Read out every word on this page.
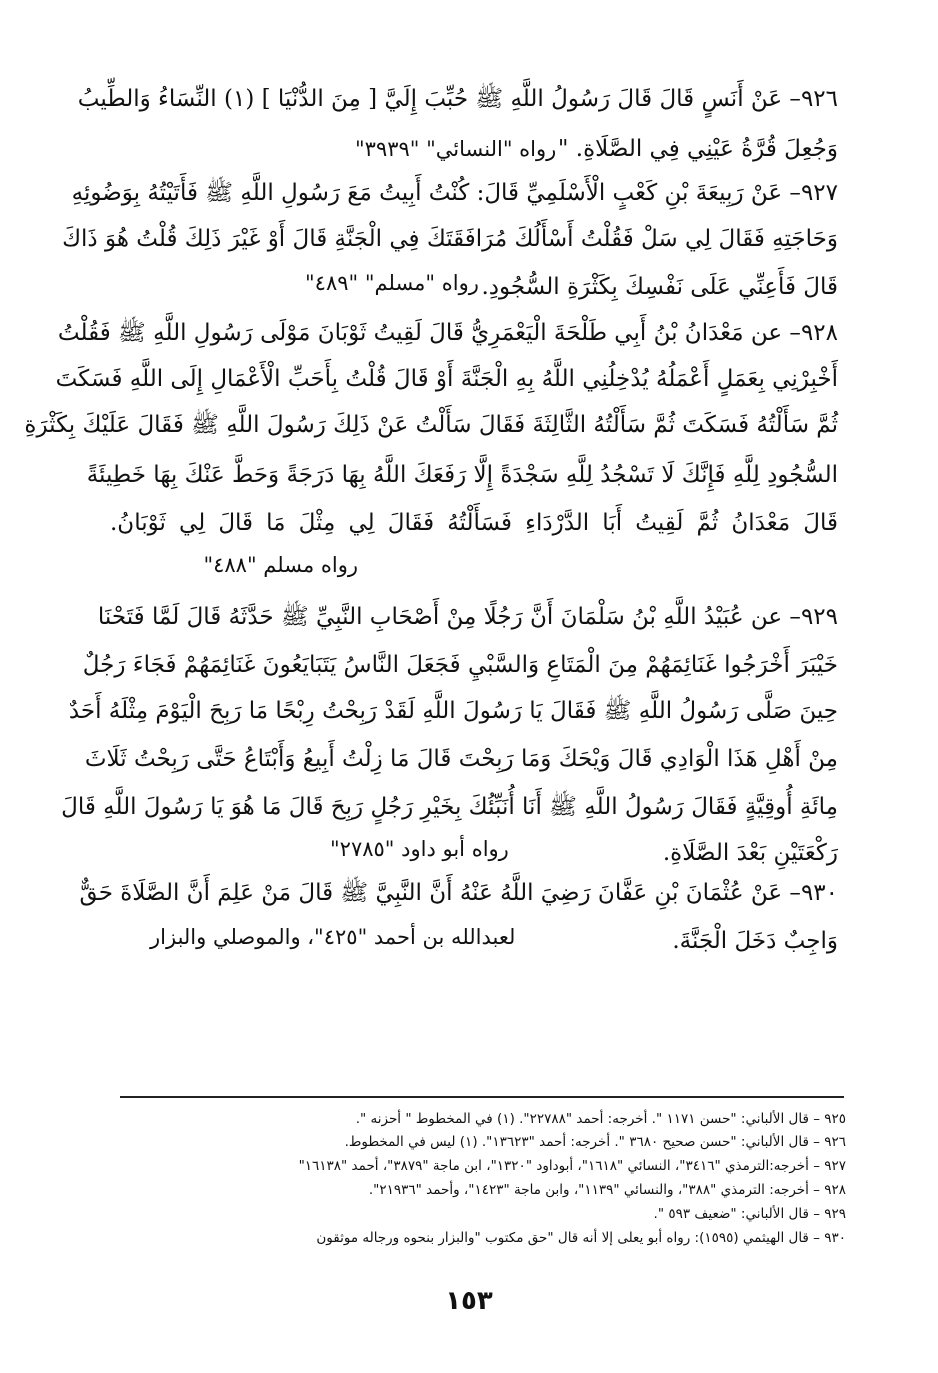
٩٢٦– عَنْ أَنَسٍ قَالَ قَالَ رَسُولُ اللَّهِ ﷺ حُبِّبَ إِلَيَّ [ مِنَ الدُّنْيَا ] (١) النِّسَاءُ وَالطِّيبُ
وَجُعِلَ قُرَّةُ عَيْنِي فِي الصَّلَاةِ. "
رواه "النسائي" "٣٩٣٩"
٩٢٧– عَنْ رَبِيعَةَ بْنِ كَعْبٍ الْأَسْلَمِيِّ قَالَ: كُنْتُ أَبِيتُ مَعَ رَسُولِ اللَّهِ ﷺ فَأَتَيْتُهُ بِوَضُوئِهِ
وَحَاجَتِهِ فَقَالَ لِي سَلْ فَقُلْتُ أَسْأَلُكَ مُرَافَقَتَكَ فِي الْجَنَّةِ قَالَ أَوْ غَيْرَ ذَلِكَ قُلْتُ هُوَ ذَاكَ
قَالَ فَأَعِنِّي عَلَى نَفْسِكَ بِكَثْرَةِ السُّجُودِ.
رواه "مسلم" "٤٨٩"
٩٢٨– عن مَعْدَانُ بْنُ أَبِي طَلْحَةَ الْيَعْمَرِيُّ قَالَ لَقِيتُ ثَوْبَانَ مَوْلَى رَسُولِ اللَّهِ ﷺ فَقُلْتُ
أَخْبِرْنِي بِعَمَلٍ أَعْمَلُهُ يُدْخِلُنِي اللَّهُ بِهِ الْجَنَّةَ أَوْ قَالَ قُلْتُ بِأَحَبِّ الْأَعْمَالِ إِلَى اللَّهِ فَسَكَتَ
ثُمَّ سَأَلْتُهُ فَسَكَتَ ثُمَّ سَأَلْتُهُ الثَّالِثَةَ فَقَالَ سَأَلْتُ عَنْ ذَلِكَ رَسُولَ اللَّهِ ﷺ فَقَالَ عَلَيْكَ بِكَثْرَةِ
السُّجُودِ لِلَّهِ فَإِنَّكَ لَا تَسْجُدُ لِلَّهِ سَجْدَةً إِلَّا رَفَعَكَ اللَّهُ بِهَا دَرَجَةً وَحَطَّ عَنْكَ بِهَا خَطِيئَةً
قَالَ مَعْدَانُ ثُمَّ لَقِيتُ أَبَا الدَّرْدَاءِ فَسَأَلْتُهُ فَقَالَ لِي مِثْلَ مَا قَالَ لِي ثَوْبَانُ.
رواه مسلم "٤٨٨"
٩٢٩– عن عُبَيْدُ اللَّهِ بْنُ سَلْمَانَ أَنَّ رَجُلًا مِنْ أَصْحَابِ النَّبِيِّ ﷺ حَدَّثَهُ قَالَ لَمَّا فَتَحْنَا
خَيْبَرَ أَخْرَجُوا غَنَائِمَهُمْ مِنَ الْمَتَاعِ وَالسَّبْيِ فَجَعَلَ النَّاسُ يَتَبَايَعُونَ غَنَائِمَهُمْ فَجَاءَ رَجُلٌ
حِينَ صَلَّى رَسُولُ اللَّهِ ﷺ فَقَالَ يَا رَسُولَ اللَّهِ لَقَدْ رَبِحْتُ رِبْحًا مَا رَبِحَ الْيَوْمَ مِثْلَهُ أَحَدٌ
مِنْ أَهْلِ هَذَا الْوَادِي قَالَ وَيْحَكَ وَمَا رَبِحْتَ قَالَ مَا زِلْتُ أَبِيعُ وَأَبْتَاعُ حَتَّى رَبِحْتُ ثَلَاثَ
مِائَةِ أُوقِيَّةٍ فَقَالَ رَسُولُ اللَّهِ ﷺ أَنَا أُنَبِّئُكَ بِخَيْرِ رَجُلٍ رَبِحَ قَالَ مَا هُوَ يَا رَسُولَ اللَّهِ قَالَ
رَكْعَتَيْنِ بَعْدَ الصَّلَاةِ.
رواه أبو داود "٢٧٨٥"
٩٣٠– عَنْ عُثْمَانَ بْنِ عَفَّانَ رَضِيَ اللَّهُ عَنْهُ أَنَّ النَّبِيَّ ﷺ قَالَ مَنْ عَلِمَ أَنَّ الصَّلَاةَ حَقٌّ
وَاجِبٌ دَخَلَ الْجَنَّةَ.
لعبدالله بن أحمد "٤٢٥"، والموصلي والبزار
٩٢٥ – قال الألباني: "حسن ١١٧١ ". أخرجه: أحمد "٢٢٧٨٨". (١) في المخطوط " أحزنه ".
٩٢٦ – قال الألباني: "حسن صحيح ٣٦٨٠ ". أخرجه: أحمد "١٣٦٢٣". (١) ليس في المخطوط.
٩٢٧ – أخرجه:الترمذي "٣٤١٦"، النسائي "١٦١٨"، أبوداود "١٣٢٠"، ابن ماجة "٣٨٧٩"، أحمد "١٦١٣٨"
٩٢٨ – أخرجه: الترمذي "٣٨٨"، والنسائي "١١٣٩"، وابن ماجة "١٤٢٣"، وأحمد "٢١٩٣٦".
٩٢٩ – قال الألباني: "ضعيف ٥٩٣ ".
٩٣٠ – قال الهيثمي (١٥٩٥): رواه أبو يعلى إلا أنه قال "حق مكتوب "والبزار بنحوه ورجاله موثقون
١٥٣
